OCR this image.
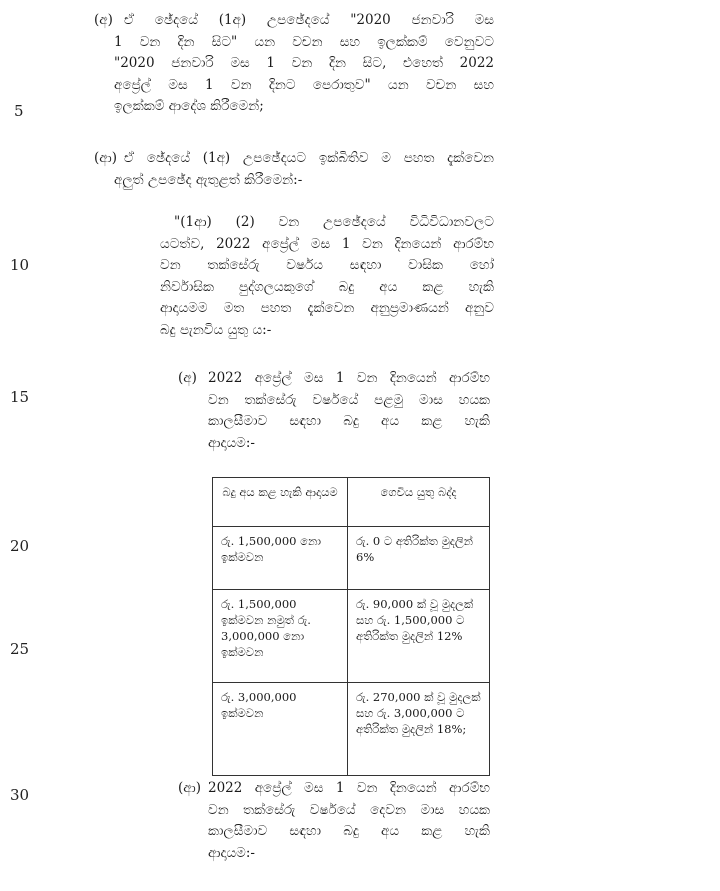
5
10
15
20
25
30
(අ) ඒ ඡේදයේ (1අ) උපඡේදයේ "2020 ජනවාරි මස
1 වන දින සිට" යන වචන සහ ඉලක්කම් වෙනුවට
"2020 ජනවාරි මස 1 වන දින සිට, එහෙත් 2022
අප්‍රේල් මස 1 වන දිනට පෙරාතුව" යන වචන සහ
ඉලක්කම් ආදේශ කිරීමෙන්;
(ආ) ඒ ඡේදයේ (1අ) උපඡේදයට ඉක්බිතිව ම පහත දැක්වෙන
අලුත් උපඡේද ඇතුළත් කිරීමෙන්:-
"(1ආ) (2) වන උපඡේදයේ විධිවිධානවලට
යටත්ව, 2022 අප්‍රේල් මස 1 වන දිනයෙන් ආරම්භ
වන තක්සේරු වර්ෂය සඳහා වාසික හෝ
නිර්වාසික පුද්ගලයකුගේ බදු අය කළ හැකි
ආදායමම මත පහත දැක්වෙන අනුප්‍රමාණයන් අනුව
බදු පැනවිය යුතු ය:-
(අ) 2022 අප්‍රේල් මස 1 වන දිනයෙන් ආරම්භ
වන තක්සේරු වර්ෂයේ පළමු මාස හයක
කාලසීමාව සඳහා බදු අය කළ හැකි
ආදායම:-
බදු අය කළ හැකි ආදායම	ගෙවිය යුතු බද්ද
රු. 1,500,000 නො ඉක්මවන	රු. 0 ට අතිරික්ත මුදලින් 6%
රු. 1,500,000 ඉක්මවන නමුත් රු. 3,000,000 නො ඉක්මවන	රු. 90,000 ක් වූ මුදලක් සහ රු. 1,500,000 ට අතිරික්ත මුදලින් 12%
රු. 3,000,000 ඉක්මවන	රු. 270,000 ක් වූ මුදලක් සහ රු. 3,000,000 ට අතිරික්ත මුදලින් 18%;
(ආ) 2022 අප්‍රේල් මස 1 වන දිනයෙන් ආරම්භ
වන තක්සේරු වර්ෂයේ දෙවන මාස හයක
කාලසීමාව සඳහා බදු අය කළ හැකි
ආදායම:-
